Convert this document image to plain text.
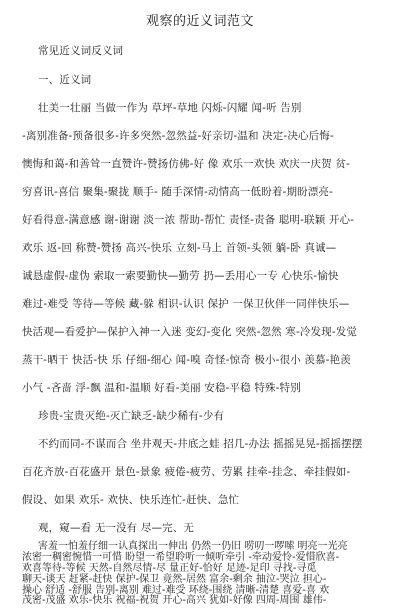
观察的近义词范文
常见近义词反义词
一、近义词
壮美一壮丽 当做一作为 草坪-草地 闪烁-闪耀 闻-听 告别
-离别准备-预备很多-许多突然-忽然益-好亲切-温和 决定-决心后悔-
懊悔和蔼-和善耸一直赞许-赞扬仿佛-好 像 欢乐一欢快 欢庆一庆贺 贫-
穷喜讯-喜信 聚集-聚拢 顺手- 随手深情-动情高一低盼着-期盼漂亮-
好看得意-满意感 谢-谢谢 淡一浓 帮助-帮忙 责怪-责备 聪明-联颖 开心-
欢乐 返-回 称赞-赞扬 高兴-快乐 立刻-马上 首领-头领 躺-卧 真诚—
诚恳虚假-虚伪 索取一索要勤快—勤劳 扔—丢用心一专 心快乐-愉快
难过-难受 等待—等候 藏-躲 相识-认识 保护 一保卫伙伴一同伴快乐—
快活观—看爱护—保护入神一入迷 变幻-变化 突然-忽然 寒-冷发现-发觉
蒸干-晒干 快活-快 乐 仔细-细心 闻-嗅 奇怪-惊奇 极小-很小 羡慕-艳羡
小气 -吝啬 浮-飘 温和-温顺 好看-美丽 安稳-平稳 特殊-特别
珍贵-宝贵灭绝-灭亡缺乏-缺少稀有-少有
不约而同-不谋而合 坐井观天-井底之蛙 招几-办法 摇摇晃晃-摇摇摆摆
百花齐放-百花盛开 景色-景象 疲倦-疲劳、劳累 挂牵-挂念、牵挂假如-
假设、如果 欢乐- 欢快、快乐连忙-赶快、急忙
观，窥—看 无一没有 尽—完、无
害羞一怕羞仔细一认真探出一伸出 仍然一仍旧 唠叨一啰嗦 明亮一光亮
浓密一稠密惋惜一可惜 盼望一希望聆听一倾听牵引 -牵动爱怜-爱惜欣喜-
欢喜等待-等候 天然-自然尽情-尽 量正好-恰好 足迹-足印 寻找-寻觅
聊天-谈天 赶紧-赶快 保护-保卫 竟然-居然 富余-剩余 抽泣-哭泣 担心-
操心 舒适 -舒服 告别-离别 难过-难受 环绕-围绕 清晰-清楚 喜爱-喜 欢
茂密-茂盛 欢乐-快乐 祝福-祝贺 开心-高兴 犹如-好像 四周-周围 雄伟-
